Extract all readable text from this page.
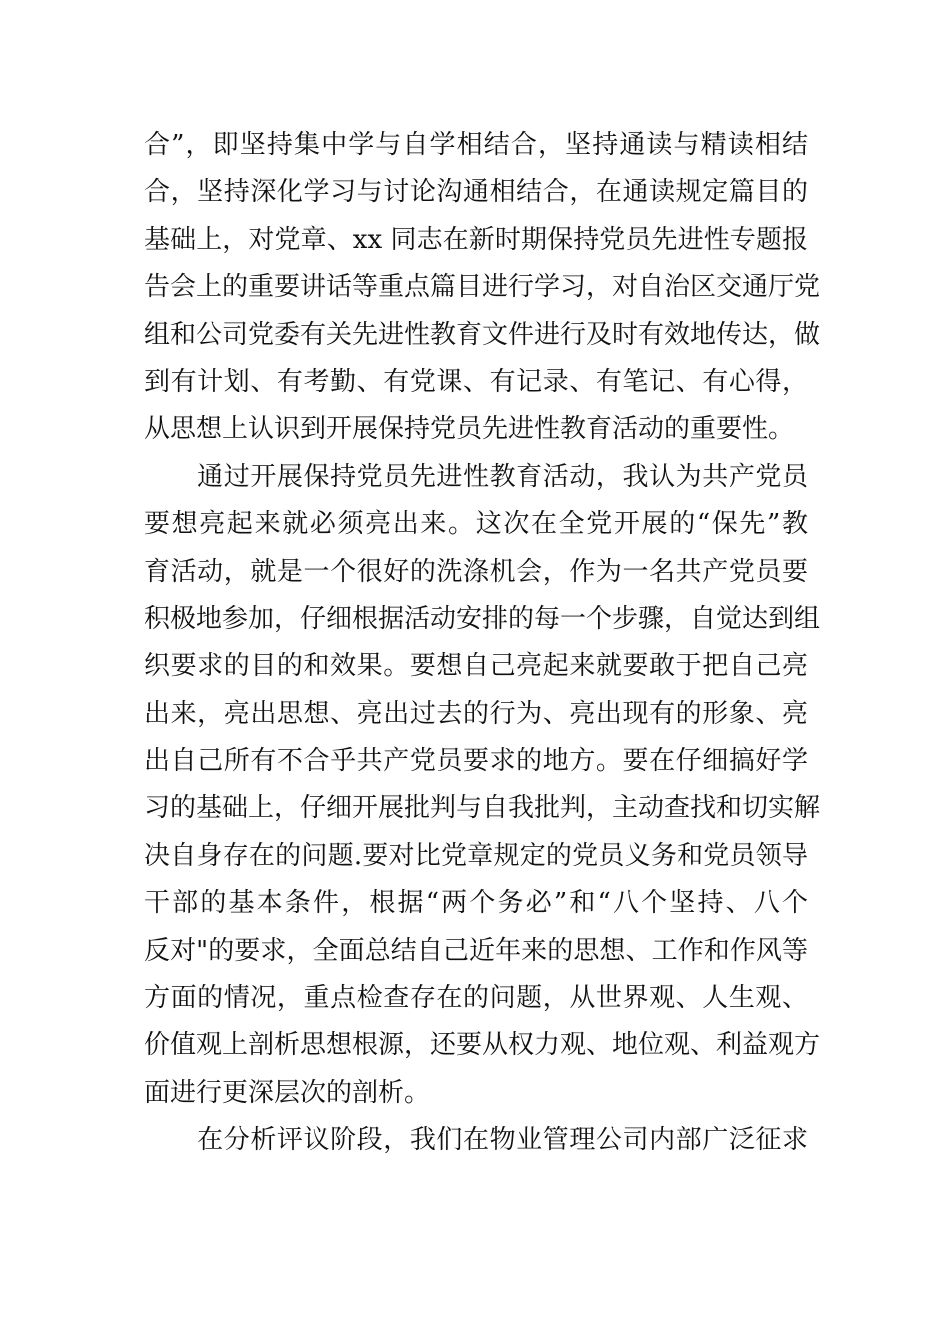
合”，即坚持集中学与自学相结合，坚持通读与精读相结
合，坚持深化学习与讨论沟通相结合，在通读规定篇目的
基础上，对党章、xx 同志在新时期保持党员先进性专题报
告会上的重要讲话等重点篇目进行学习，对自治区交通厅党
组和公司党委有关先进性教育文件进行及时有效地传达，做
到有计划、有考勤、有党课、有记录、有笔记、有心得，
从思想上认识到开展保持党员先进性教育活动的重要性。
　　通过开展保持党员先进性教育活动，我认为共产党员
要想亮起来就必须亮出来。这次在全党开展的“保先”教
育活动，就是一个很好的洗涤机会，作为一名共产党员要
积极地参加，仔细根据活动安排的每一个步骤，自觉达到组
织要求的目的和效果。要想自己亮起来就要敢于把自己亮
出来，亮出思想、亮出过去的行为、亮出现有的形象、亮
出自己所有不合乎共产党员要求的地方。要在仔细搞好学
习的基础上，仔细开展批判与自我批判，主动查找和切实解
决自身存在的问题.要对比党章规定的党员义务和党员领导
干部的基本条件，根据“两个务必”和“八个坚持、八个
反对"的要求，全面总结自己近年来的思想、工作和作风等
方面的情况，重点检查存在的问题，从世界观、人生观、
价值观上剖析思想根源，还要从权力观、地位观、利益观方
面进行更深层次的剖析。
　　在分析评议阶段，我们在物业管理公司内部广泛征求
